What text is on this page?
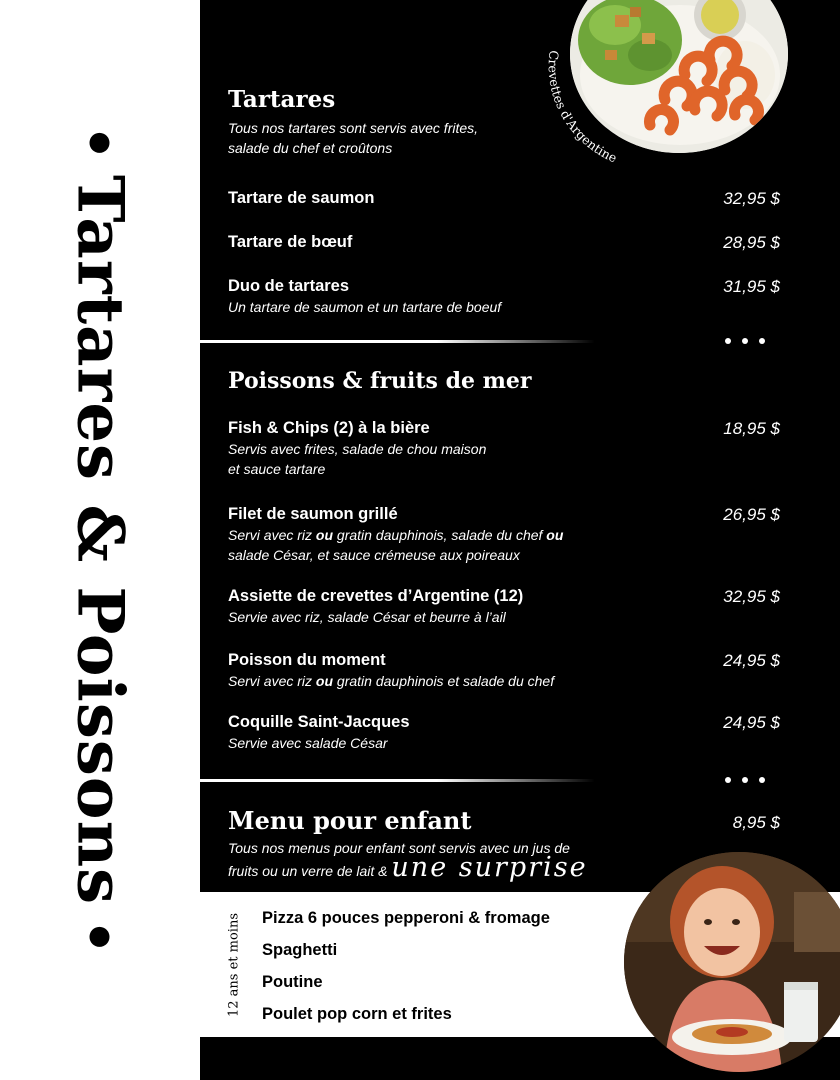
Tartares & Poissons
Crevettes d'Argentine
Tartares
Tous nos tartares sont servis avec frites,
salade du chef et croûtons
Tartare de saumon	32,95 $
Tartare de bœuf	28,95 $
Duo de tartares	31,95 $
Un tartare de saumon et un tartare de boeuf
Poissons & fruits de mer
Fish & Chips (2) à la bière	18,95 $
Servis avec frites, salade de chou maison
et sauce tartare
Filet de saumon grillé	26,95 $
Servi avec riz ou gratin dauphinois, salade du chef ou
salade César, et sauce crémeuse aux poireaux
Assiette de crevettes d’Argentine (12)	32,95 $
Servie avec riz, salade César et beurre à l’ail
Poisson du moment	24,95 $
Servi avec riz ou gratin dauphinois et salade du chef
Coquille Saint-Jacques	24,95 $
Servie avec salade César
Menu pour enfant	8,95 $
Tous nos menus pour enfant sont servis avec un jus de
fruits ou un verre de lait & une surprise
12 ans et moins Pizza 6 pouces pepperoni & fromage
Spaghetti
Poutine
Poulet pop corn et frites
